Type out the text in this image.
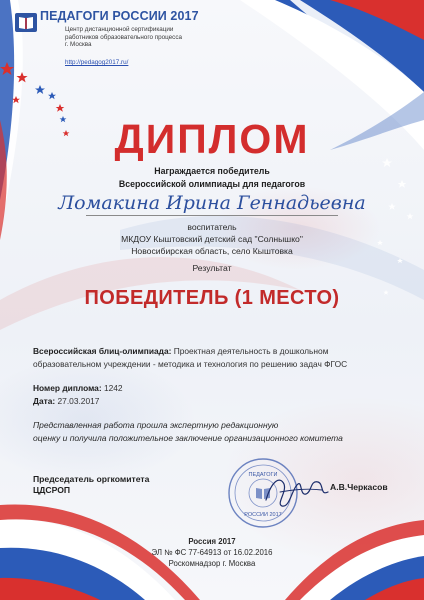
ПЕДАГОГИ РОССИИ 2017
Центр дистанционной сертификации
работников образовательного процесса
г. Москва
http://pedagog2017.ru/
ДИПЛОМ
Награждается победитель
Всероссийской олимпиады для педагогов
Ломакина Ирина Геннадьевна
воспитатель
МКДОУ Кыштовский детский сад "Солнышко"
Новосибирская область, село Кыштовка
Результат
ПОБЕДИТЕЛЬ (1 МЕСТО)
Всероссийская блиц-олимпиада: Проектная деятельность в дошкольном
образовательном учреждении - методика и технология по решению задач ФГОС
Номер диплома: 1242
Дата: 27.03.2017
Представленная работа прошла экспертную редакционную
оценку и получила положительное заключение организационного комитета
Председатель оргкомитета
ЦДСРОП
ПЕДАГОГИ
РОССИИ 2017
А.В.Черкасов
Россия 2017
ЭЛ № ФС 77-64913 от 16.02.2016
Роскомнадзор г. Москва
